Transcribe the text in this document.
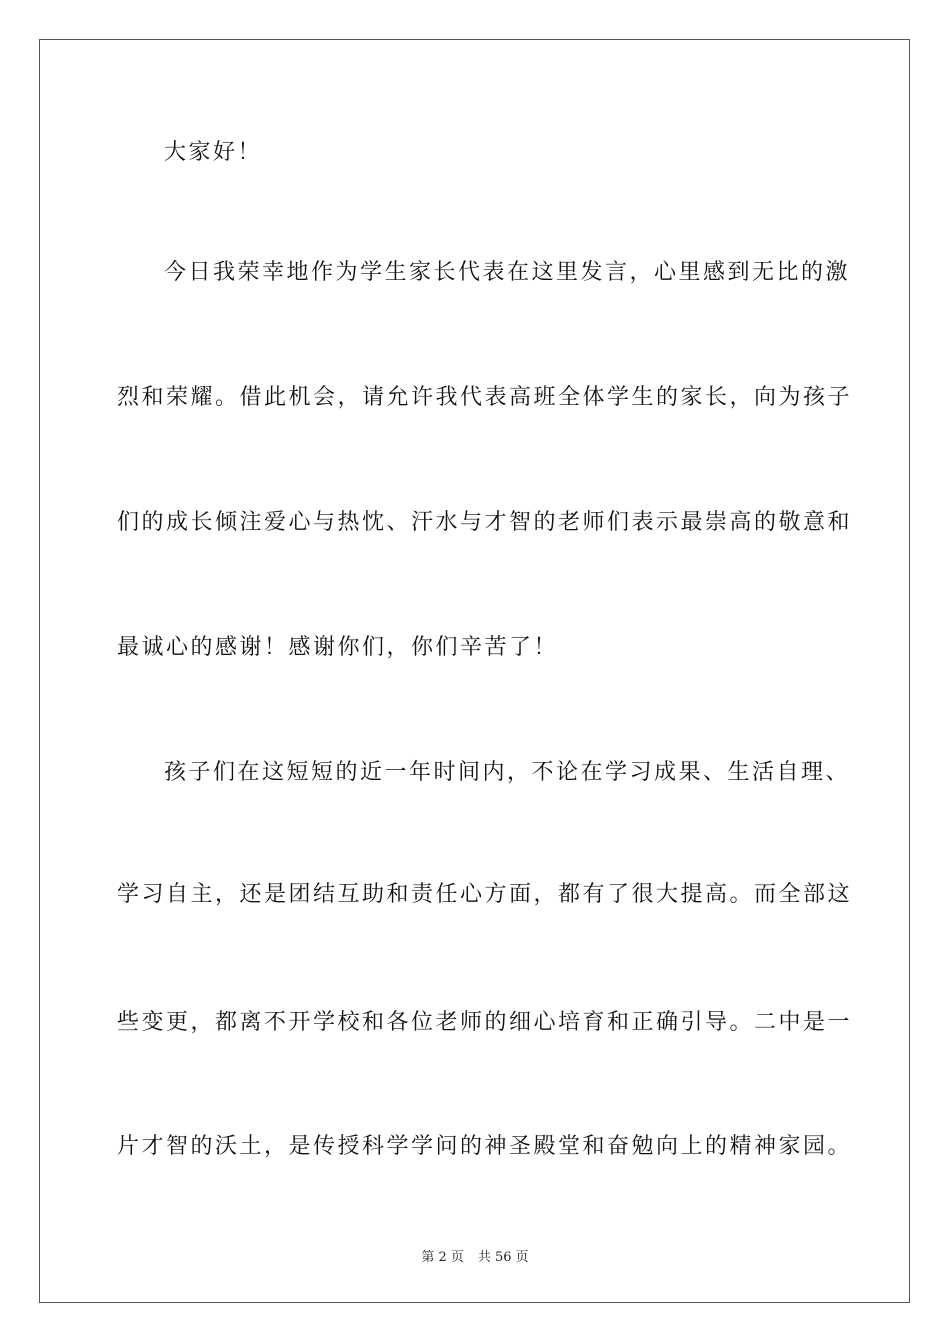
大家好！
今日我荣幸地作为学生家长代表在这里发言，心里感到无比的激
烈和荣耀。借此机会，请允许我代表高班全体学生的家长，向为孩子
们的成长倾注爱心与热忱、汗水与才智的老师们表示最崇高的敬意和
最诚心的感谢！感谢你们，你们辛苦了！
孩子们在这短短的近一年时间内，不论在学习成果、生活自理、
学习自主，还是团结互助和责任心方面，都有了很大提高。而全部这
些变更，都离不开学校和各位老师的细心培育和正确引导。二中是一
片才智的沃土，是传授科学学问的神圣殿堂和奋勉向上的精神家园。
第 2 页 共 56 页
